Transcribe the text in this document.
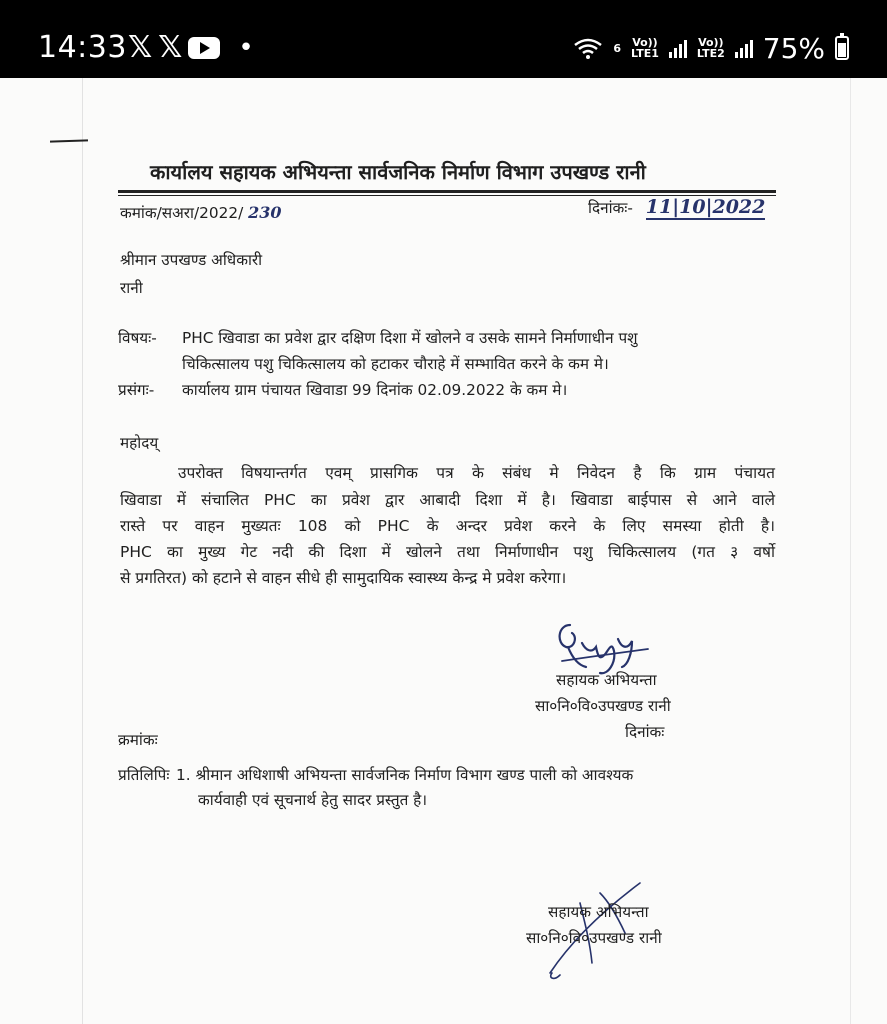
14:33 𝕏 𝕏 •	6 Vo))
LTE1
Vo))
LTE2 75%
कार्यालय सहायक अभियन्ता सार्वजनिक निर्माण विभाग उपखण्ड रानी
कमांक/सअरा/2022/ 230	दिनांकः- 11|10|2022
श्रीमान उपखण्ड अधिकारी
रानी
विषयः- PHC खिवाडा का प्रवेश द्वार दक्षिण दिशा में खोलने व उसके सामने निर्माणाधीन पशु
चिकित्सालय पशु चिकित्सालय को हटाकर चौराहे में सम्भावित करने के कम मे।
प्रसंगः- कार्यालय ग्राम पंचायत खिवाडा 99 दिनांक 02.09.2022 के कम मे।
महोदय्
उपरोक्त विषयान्तर्गत एवम् प्रासगिक पत्र के संबंध मे निवेदन है कि ग्राम पंचायत
खिवाडा में संचालित PHC का प्रवेश द्वार आबादी दिशा में है। खिवाडा बाईपास से आने वाले
रास्ते पर वाहन मुख्यतः 108 को PHC के अन्दर प्रवेश करने के लिए समस्या होती है।
PHC का मुख्य गेट नदी की दिशा में खोलने तथा निर्माणाधीन पशु चिकित्सालय (गत ३ वर्षो
से प्रगतिरत) को हटाने से वाहन सीधे ही सामुदायिक स्वास्थ्य केन्द्र मे प्रवेश करेगा।
सहायक अभियन्ता
सा०नि०वि०उपखण्ड रानी
दिनांकः
क्रमांकः
प्रतिलिपिः 1. श्रीमान अधिशाषी अभियन्ता सार्वजनिक निर्माण विभाग खण्ड पाली को आवश्यक
कार्यवाही एवं सूचनार्थ हेतु सादर प्रस्तुत है।
सहायक अभियन्ता
सा०नि०वि०उपखण्ड रानी
